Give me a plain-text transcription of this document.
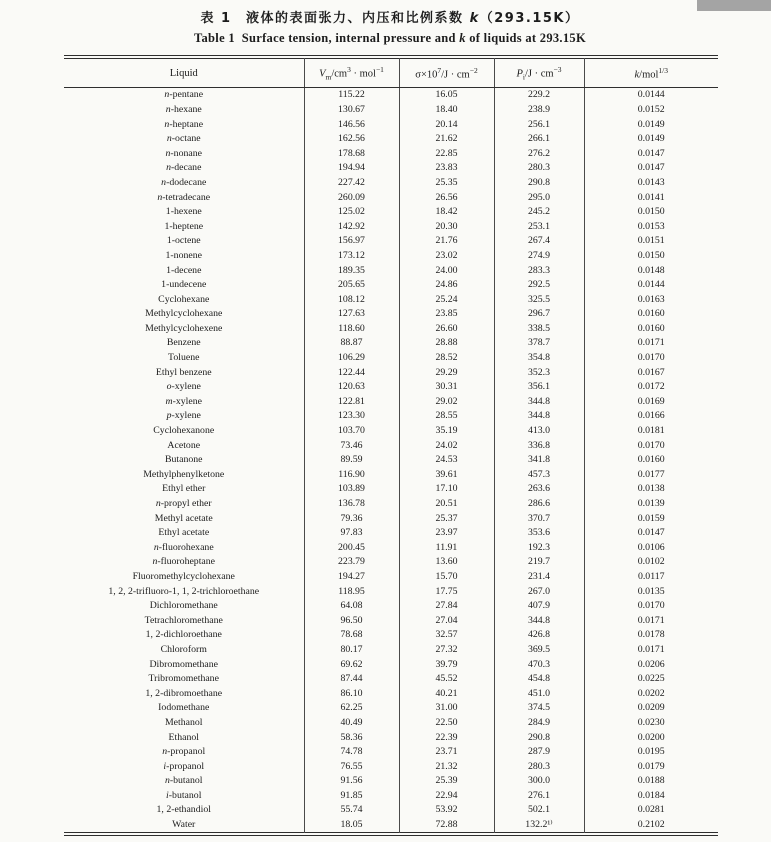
表 1　液体的表面张力、内压和比例系数 k（293.15K）
Table 1  Surface tension, internal pressure and k of liquids at 293.15K
Liquid	$V_m/cm^3 \cdot mol^{-1}$	$\sigma\times 10^7/J \cdot cm^{-2}$	$P_i/J \cdot cm^{-3}$	k/mol$^{1/3}$
n-pentane	115.22	16.05	229.2	0.0144
n-hexane	130.67	18.40	238.9	0.0152
n-heptane	146.56	20.14	256.1	0.0149
n-octane	162.56	21.62	266.1	0.0149
n-nonane	178.68	22.85	276.2	0.0147
n-decane	194.94	23.83	280.3	0.0147
n-dodecane	227.42	25.35	290.8	0.0143
n-tetradecane	260.09	26.56	295.0	0.0141
1-hexene	125.02	18.42	245.2	0.0150
1-heptene	142.92	20.30	253.1	0.0153
1-octene	156.97	21.76	267.4	0.0151
1-nonene	173.12	23.02	274.9	0.0150
1-decene	189.35	24.00	283.3	0.0148
1-undecene	205.65	24.86	292.5	0.0144
Cyclohexane	108.12	25.24	325.5	0.0163
Methylcyclohexane	127.63	23.85	296.7	0.0160
Methylcyclohexene	118.60	26.60	338.5	0.0160
Benzene	88.87	28.88	378.7	0.0171
Toluene	106.29	28.52	354.8	0.0170
Ethyl benzene	122.44	29.29	352.3	0.0167
o-xylene	120.63	30.31	356.1	0.0172
m-xylene	122.81	29.02	344.8	0.0169
p-xylene	123.30	28.55	344.8	0.0166
Cyclohexanone	103.70	35.19	413.0	0.0181
Acetone	73.46	24.02	336.8	0.0170
Butanone	89.59	24.53	341.8	0.0160
Methylphenylketone	116.90	39.61	457.3	0.0177
Ethyl ether	103.89	17.10	263.6	0.0138
n-propyl ether	136.78	20.51	286.6	0.0139
Methyl acetate	79.36	25.37	370.7	0.0159
Ethyl acetate	97.83	23.97	353.6	0.0147
n-fluorohexane	200.45	11.91	192.3	0.0106
n-fluoroheptane	223.79	13.60	219.7	0.0102
Fluoromethylcyclohexane	194.27	15.70	231.4	0.0117
1, 2, 2-trifluoro-1, 1, 2-trichloroethane	118.95	17.75	267.0	0.0135
Dichloromethane	64.08	27.84	407.9	0.0170
Tetrachloromethane	96.50	27.04	344.8	0.0171
1, 2-dichloroethane	78.68	32.57	426.8	0.0178
Chloroform	80.17	27.32	369.5	0.0171
Dibromomethane	69.62	39.79	470.3	0.0206
Tribromomethane	87.44	45.52	454.8	0.0225
1, 2-dibromoethane	86.10	40.21	451.0	0.0202
Iodomethane	62.25	31.00	374.5	0.0209
Methanol	40.49	22.50	284.9	0.0230
Ethanol	58.36	22.39	290.8	0.0200
n-propanol	74.78	23.71	287.9	0.0195
i-propanol	76.55	21.32	280.3	0.0179
n-butanol	91.56	25.39	300.0	0.0188
i-butanol	91.85	22.94	276.1	0.0184
1, 2-ethandiol	55.74	53.92	502.1	0.0281
Water	18.05	72.88	132.2¹⁾	0.2102
